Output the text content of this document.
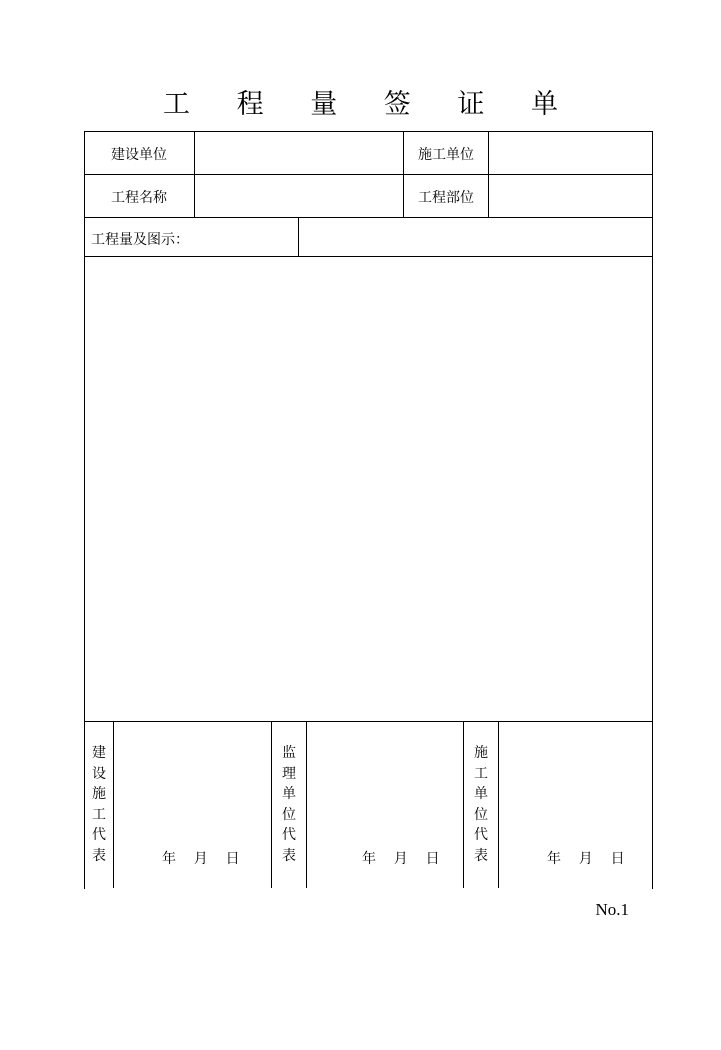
工 程 量 签 证 单
建设单位	施工单位
工程名称	工程部位
工程量及图示：
建设施工代表	年    月    日
监理单位代表	年    月    日
施工单位代表	年    月    日
No.1
